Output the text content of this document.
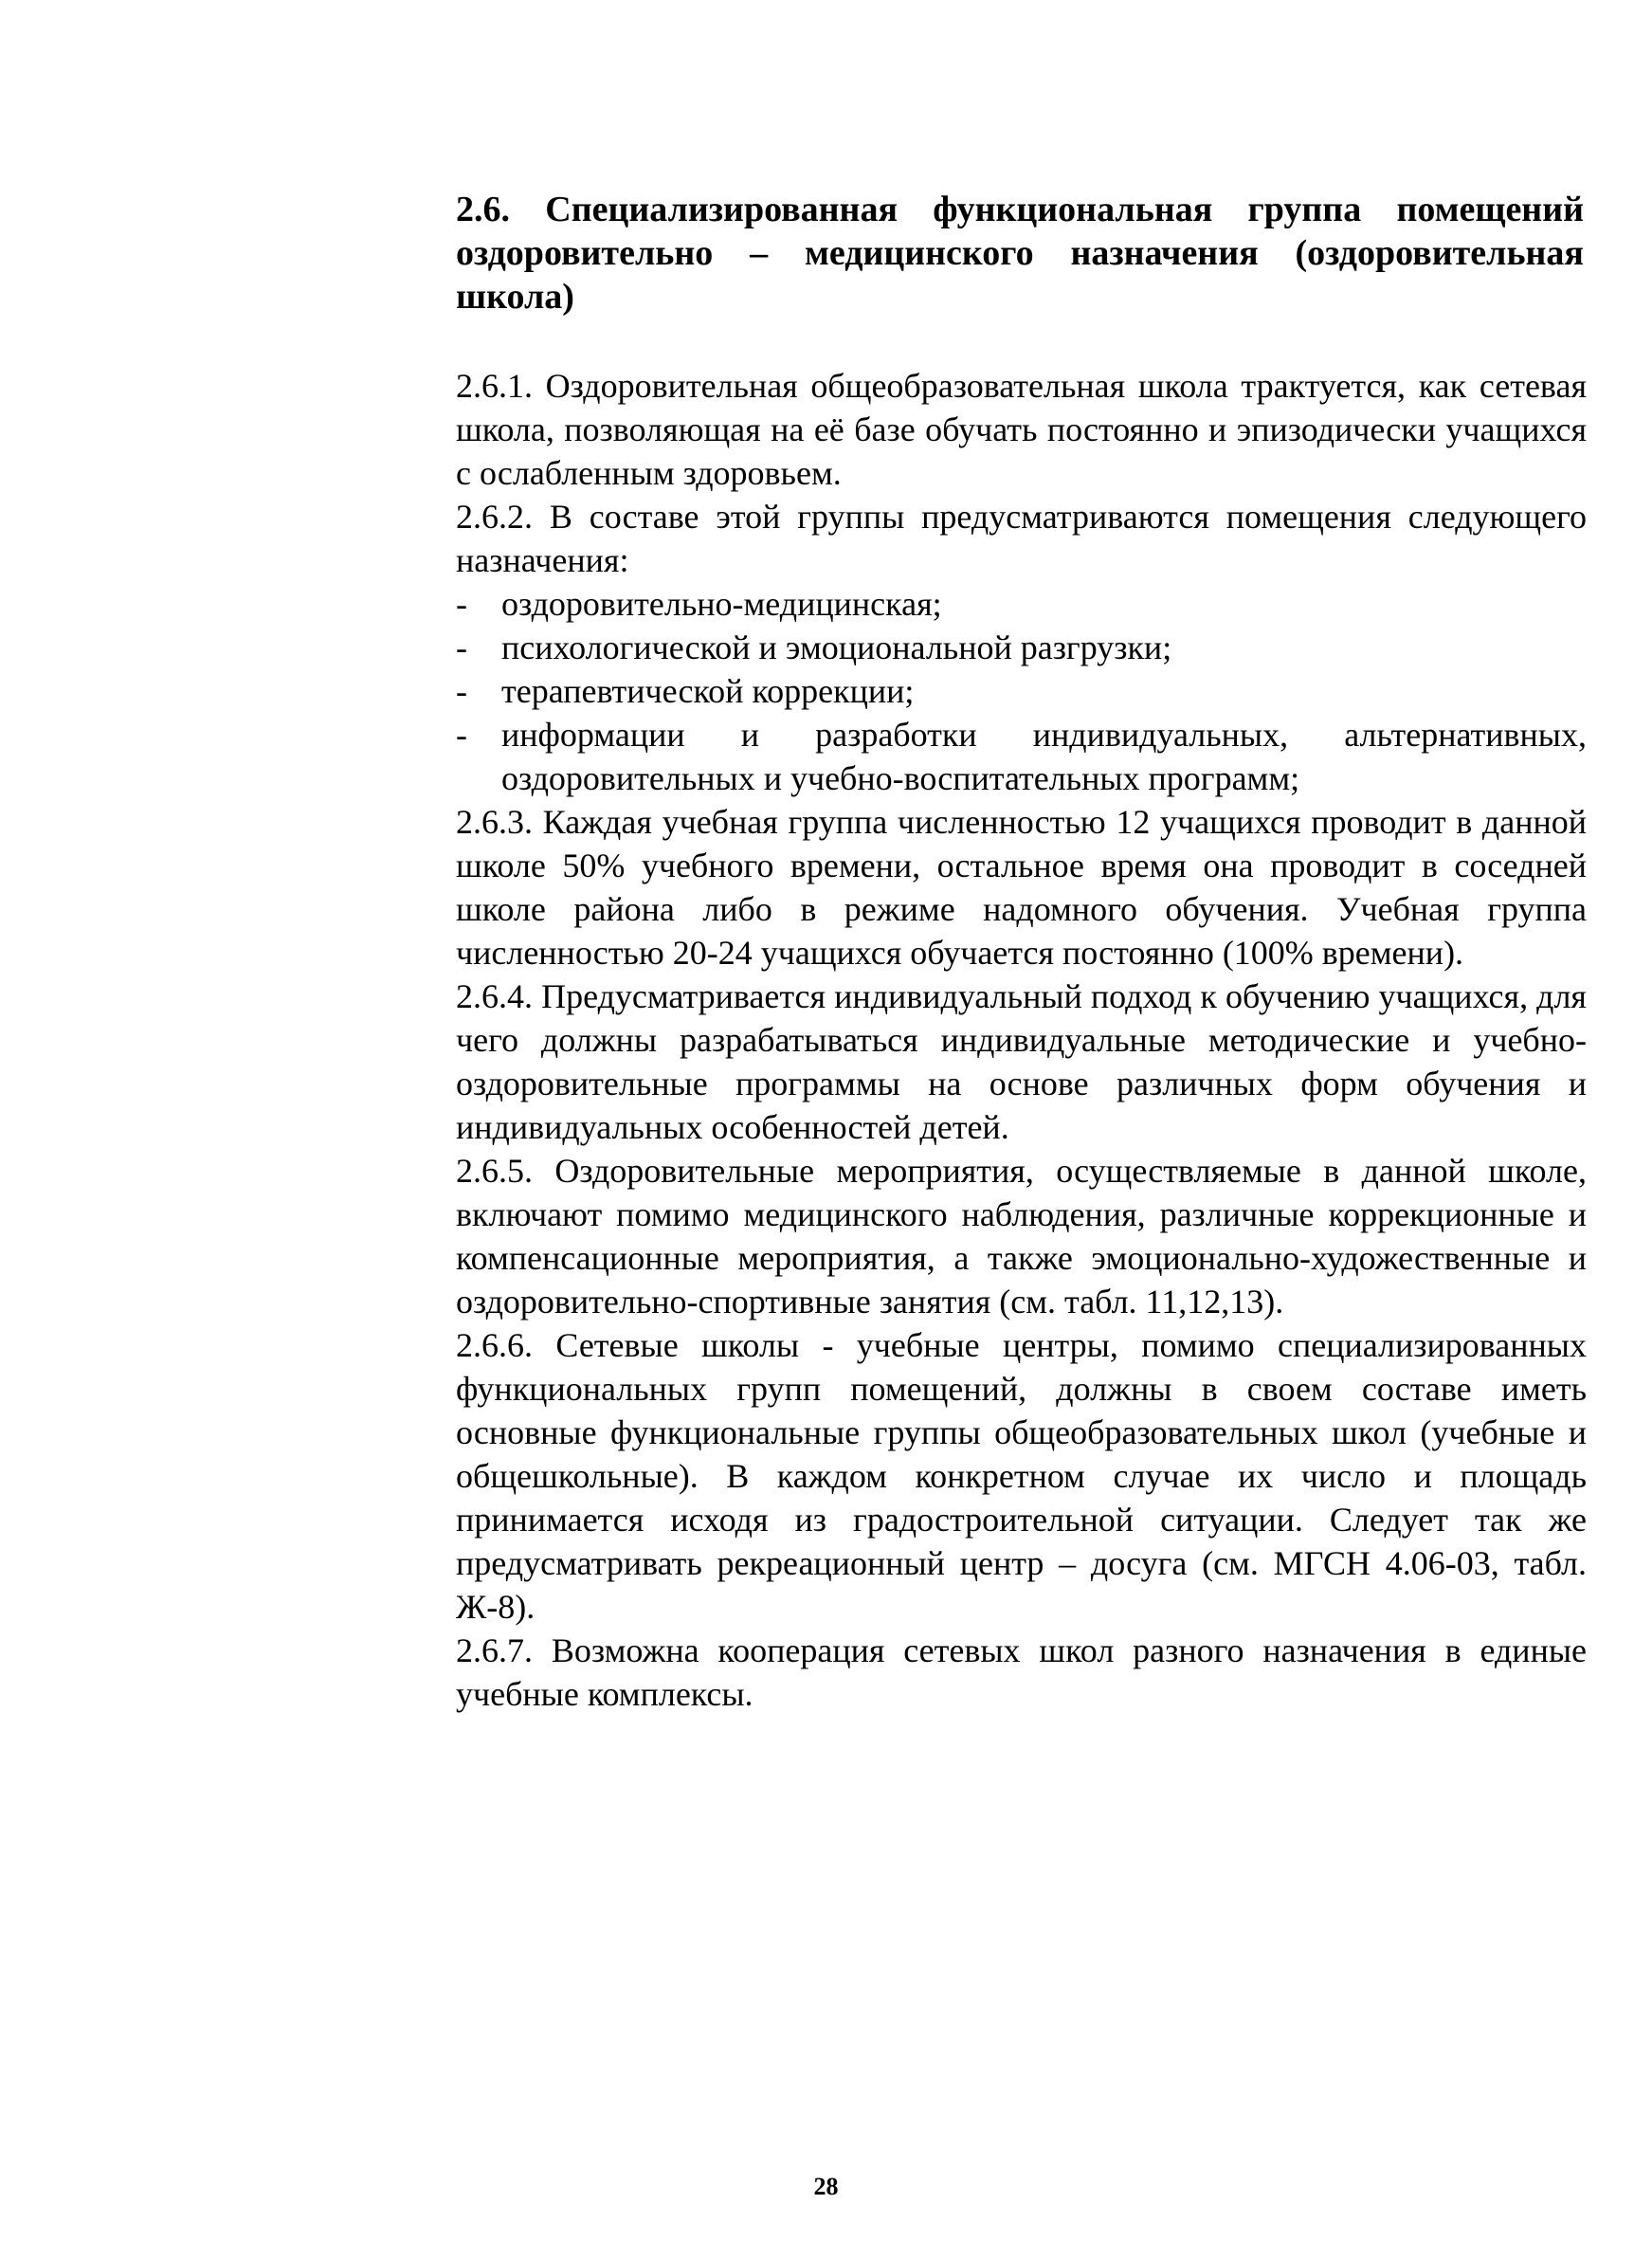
2.6. Специализированная функциональная группа помещений оздоровительно – медицинского назначения (оздоровительная школа)

2.6.1. Оздоровительная общеобразовательная школа трактуется, как сетевая школа, позволяющая на её базе обучать постоянно и эпизодически учащихся с ослабленным здоровьем.

2.6.2. В составе этой группы предусматриваются помещения следующего назначения:

- оздоровительно-медицинская;
- психологической и эмоциональной разгрузки;
- терапевтической коррекции;
- информации и разработки индивидуальных, альтернативных, оздоровительных и учебно-воспитательных программ;

2.6.3. Каждая учебная группа численностью 12 учащихся проводит в данной школе 50% учебного времени, остальное время она проводит в соседней школе района либо в режиме надомного обучения. Учебная группа численностью 20-24 учащихся обучается постоянно (100% времени).

2.6.4. Предусматривается индивидуальный подход к обучению учащихся, для чего должны разрабатываться индивидуальные методические и учебно-оздоровительные программы на основе различных форм обучения и индивидуальных особенностей детей.

2.6.5. Оздоровительные мероприятия, осуществляемые в данной школе, включают помимо медицинского наблюдения, различные коррекционные и компенсационные мероприятия, а также эмоционально-художественные и оздоровительно-спортивные занятия (см. табл. 11,12,13).

2.6.6. Сетевые школы - учебные центры, помимо специализированных функциональных групп помещений, должны в своем составе иметь основные функциональные группы общеобразовательных школ (учебные и общешкольные). В каждом конкретном случае их число и площадь принимается исходя из градостроительной ситуации. Следует так же предусматривать рекреационный центр – досуга (см. МГСН 4.06-03, табл. Ж-8).

2.6.7. Возможна кооперация сетевых школ разного назначения в единые учебные комплексы.

28
